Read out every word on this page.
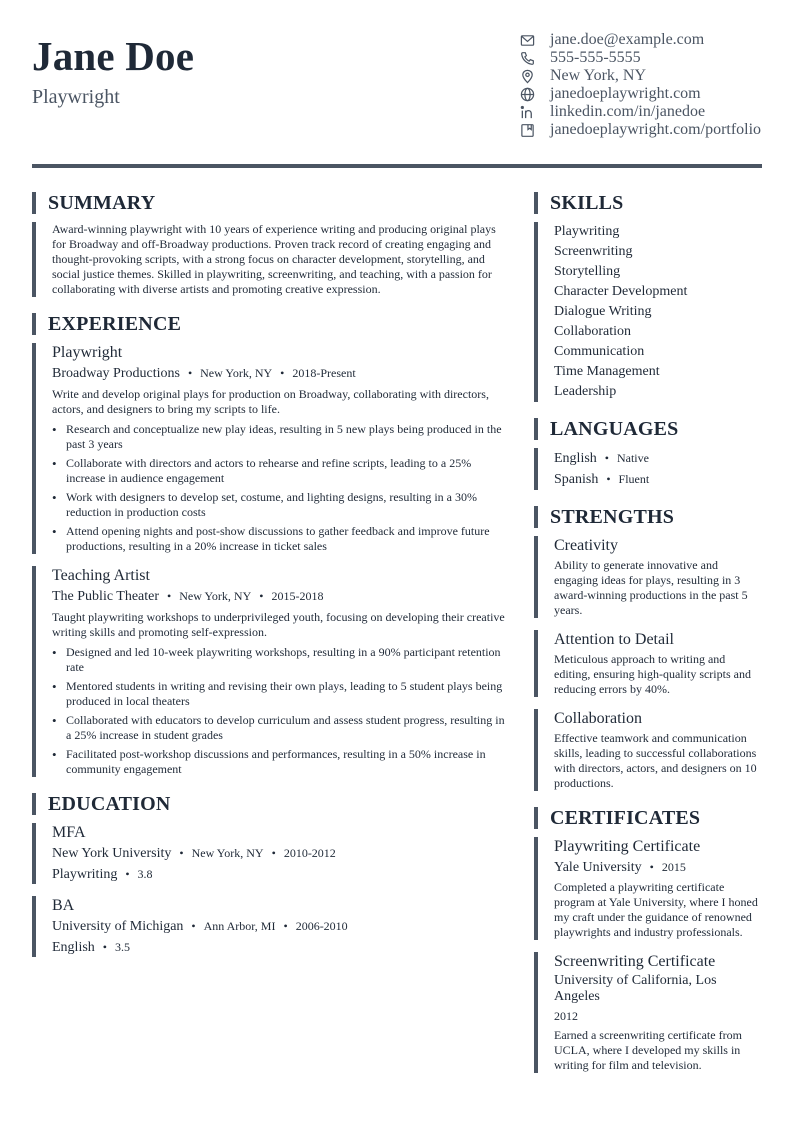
Jane Doe
Playwright
jane.doe@example.com
555-555-5555
New York, NY
janedoeplaywright.com
linkedin.com/in/janedoe
janedoeplaywright.com/portfolio
SUMMARY
Award-winning playwright with 10 years of experience writing and producing original plays for Broadway and off-Broadway productions. Proven track record of creating engaging and thought-provoking scripts, with a strong focus on character development, storytelling, and social justice themes. Skilled in playwriting, screenwriting, and teaching, with a passion for collaborating with diverse artists and promoting creative expression.
EXPERIENCE
Playwright
Broadway Productions • New York, NY • 2018-Present
Write and develop original plays for production on Broadway, collaborating with directors, actors, and designers to bring my scripts to life.
• Research and conceptualize new play ideas, resulting in 5 new plays being produced in the past 3 years
• Collaborate with directors and actors to rehearse and refine scripts, leading to a 25% increase in audience engagement
• Work with designers to develop set, costume, and lighting designs, resulting in a 30% reduction in production costs
• Attend opening nights and post-show discussions to gather feedback and improve future productions, resulting in a 20% increase in ticket sales
Teaching Artist
The Public Theater • New York, NY • 2015-2018
Taught playwriting workshops to underprivileged youth, focusing on developing their creative writing skills and promoting self-expression.
• Designed and led 10-week playwriting workshops, resulting in a 90% participant retention rate
• Mentored students in writing and revising their own plays, leading to 5 student plays being produced in local theaters
• Collaborated with educators to develop curriculum and assess student progress, resulting in a 25% increase in student grades
• Facilitated post-workshop discussions and performances, resulting in a 50% increase in community engagement
EDUCATION
MFA
New York University • New York, NY • 2010-2012
Playwriting • 3.8
BA
University of Michigan • Ann Arbor, MI • 2006-2010
English • 3.5
SKILLS
Playwriting
Screenwriting
Storytelling
Character Development
Dialogue Writing
Collaboration
Communication
Time Management
Leadership
LANGUAGES
English • Native
Spanish • Fluent
STRENGTHS
Creativity
Ability to generate innovative and engaging ideas for plays, resulting in 3 award-winning productions in the past 5 years.
Attention to Detail
Meticulous approach to writing and editing, ensuring high-quality scripts and reducing errors by 40%.
Collaboration
Effective teamwork and communication skills, leading to successful collaborations with directors, actors, and designers on 10 productions.
CERTIFICATES
Playwriting Certificate
Yale University • 2015
Completed a playwriting certificate program at Yale University, where I honed my craft under the guidance of renowned playwrights and industry professionals.
Screenwriting Certificate
University of California, Los Angeles
2012
Earned a screenwriting certificate from UCLA, where I developed my skills in writing for film and television.
